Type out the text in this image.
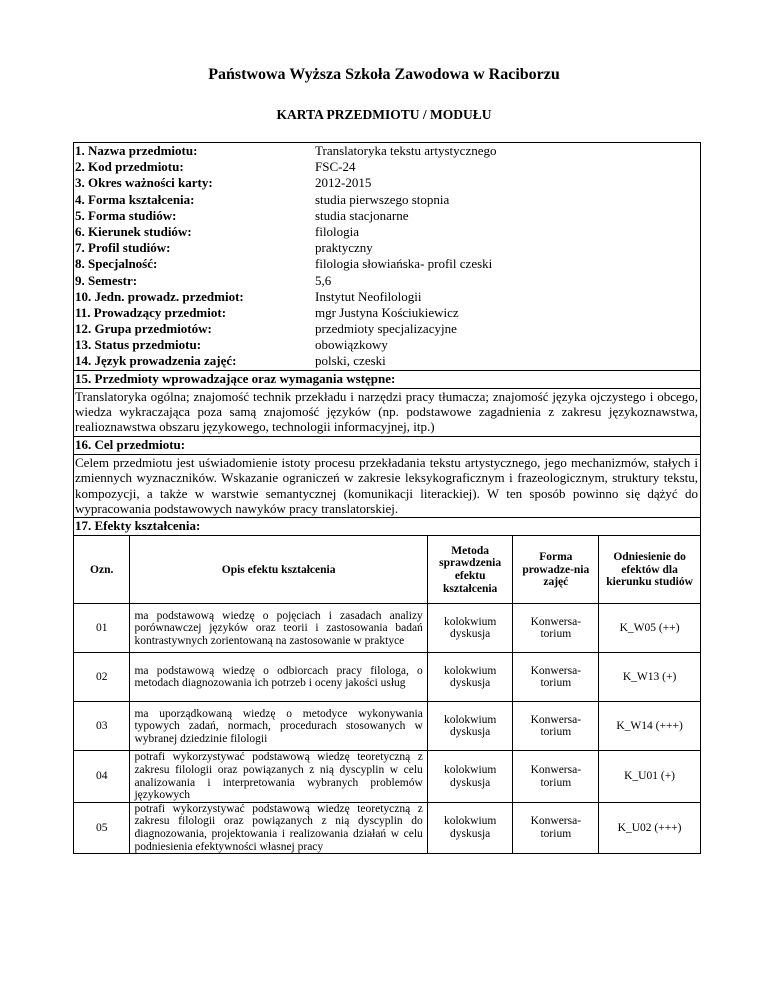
Państwowa Wyższa Szkoła Zawodowa w Raciborzu
KARTA PRZEDMIOTU / MODUŁU
1. Nazwa przedmiotu:	Translatoryka tekstu artystycznego
2. Kod przedmiotu:	FSC-24
3. Okres ważności karty:	2012-2015
4. Forma kształcenia:	studia pierwszego stopnia
5. Forma studiów:	studia stacjonarne
6. Kierunek studiów:	filologia
7. Profil studiów:	praktyczny
8. Specjalność:	filologia słowiańska- profil czeski
9. Semestr:	5,6
10. Jedn. prowadz. przedmiot:	Instytut Neofilologii
11. Prowadzący przedmiot:	mgr Justyna Kościukiewicz
12. Grupa przedmiotów:	przedmioty specjalizacyjne
13. Status przedmiotu:	obowiązkowy
14. Język prowadzenia zajęć:	polski, czeski
15. Przedmioty wprowadzające oraz wymagania wstępne:
Translatoryka ogólna; znajomość technik przekładu i narzędzi pracy tłumacza; znajomość języka ojczystego i obcego, wiedza wykraczająca poza samą znajomość języków (np. podstawowe zagadnienia z zakresu językoznawstwa, realioznawstwa obszaru językowego, technologii informacyjnej, itp.)
16. Cel przedmiotu:
Celem przedmiotu jest uświadomienie istoty procesu przekładania tekstu artystycznego, jego mechanizmów, stałych i zmiennych wyznaczników. Wskazanie ograniczeń w zakresie leksykograficznym i frazeologicznym, struktury tekstu, kompozycji, a także w warstwie semantycznej (komunikacji literackiej). W ten sposób powinno się dążyć do wypracowania podstawowych nawyków pracy translatorskiej.
17. Efekty kształcenia:
Ozn.	Opis efektu kształcenia	Metoda sprawdzenia efektu kształcenia	Forma prowadze-nia zajęć	Odniesienie do efektów dla kierunku studiów
01	ma podstawową wiedzę o pojęciach i zasadach analizy porównawczej języków oraz teorii i zastosowania badań kontrastywnych zorientowaną na zastosowanie w praktyce	kolokwium dyskusja	Konwersa-torium	K_W05 (++)
02	ma podstawową wiedzę o odbiorcach pracy filologa, o metodach diagnozowania ich potrzeb i oceny jakości usług	kolokwium dyskusja	Konwersa-torium	K_W13 (+)
03	ma uporządkowaną wiedzę o metodyce wykonywania typowych zadań, normach, procedurach stosowanych w wybranej dziedzinie filologii	kolokwium dyskusja	Konwersa-torium	K_W14 (+++)
04	potrafi wykorzystywać podstawową wiedzę teoretyczną z zakresu filologii oraz powiązanych z nią dyscyplin w celu analizowania i interpretowania wybranych problemów językowych	kolokwium dyskusja	Konwersa-torium	K_U01 (+)
05	potrafi wykorzystywać podstawową wiedzę teoretyczną z zakresu filologii oraz powiązanych z nią dyscyplin do diagnozowania, projektowania i realizowania działań w celu podniesienia efektywności własnej pracy	kolokwium dyskusja	Konwersa-torium	K_U02 (+++)
